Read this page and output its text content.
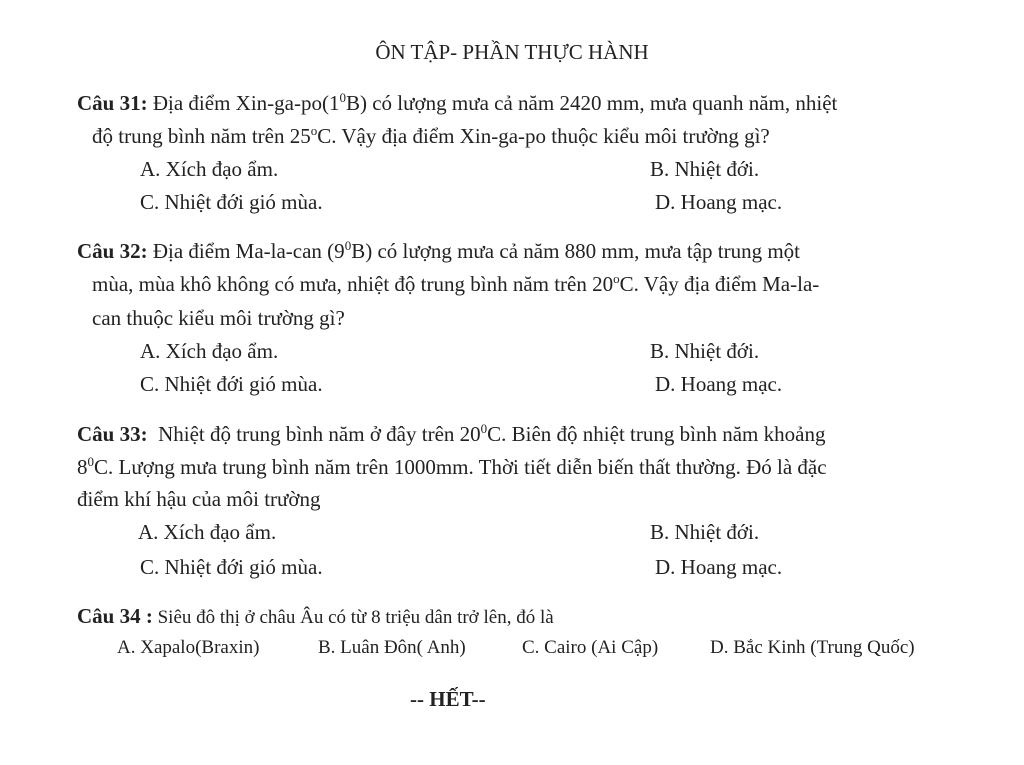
ÔN TẬP- PHẦN THỰC HÀNH
Câu 31: Địa điểm Xin-$ga-po(1^0B)$ có lượng mưa cả năm 2420 mm, mưa quanh năm, nhiệt
độ trung bình năm trên 25$^o$C. Vậy địa điểm Xin-ga-po thuộc kiểu môi trường gì?
A. Xích đạo ẩm.	B. Nhiệt đới.
C. Nhiệt đới gió mùa.	D. Hoang mạc.
Câu 32: Địa điểm Ma-la-can $(9^0B)$ có lượng mưa cả năm 880 mm, mưa tập trung một
mùa, mùa khô không có mưa, nhiệt độ trung bình năm trên 20$^o$C. Vậy địa điểm Ma-la-
can thuộc kiểu môi trường gì?
A. Xích đạo ẩm.	B. Nhiệt đới.
C. Nhiệt đới gió mùa.	D. Hoang mạc.
Câu 33:  Nhiệt độ trung bình năm ở đây trên $20^0C$. Biên độ nhiệt trung bình năm khoảng
$8^0C$. Lượng mưa trung bình năm trên 1000mm. Thời tiết diễn biến thất thường. Đó là đặc
điểm khí hậu của môi trường
A. Xích đạo ẩm.	B. Nhiệt đới.
C. Nhiệt đới gió mùa.	D. Hoang mạc.
Câu 34 : Siêu đô thị ở châu Âu có từ 8 triệu dân trở lên, đó là
A. Xapalo(Braxin)	B. Luân Đôn( Anh)	C. Cairo (Ai Cập)	D. Bắc Kinh (Trung Quốc)
-- HẾT--
